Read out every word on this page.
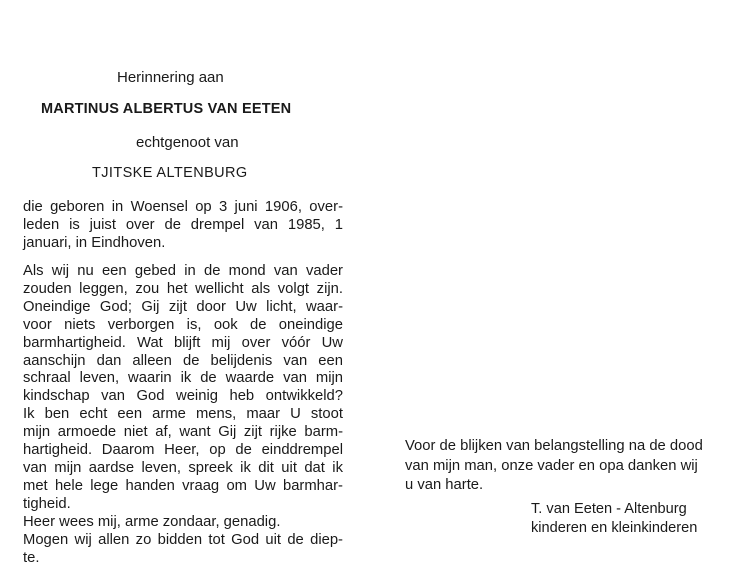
Herinnering aan
MARTINUS ALBERTUS VAN EETEN
echtgenoot van
TJITSKE ALTENBURG
die geboren in Woensel op 3 juni 1906, over-
leden is juist over de drempel van 1985, 1
januari, in Eindhoven.
Als wij nu een gebed in de mond van vader
zouden leggen, zou het wellicht als volgt zijn.
Oneindige God; Gij zijt door Uw licht, waar-
voor niets verborgen is, ook de oneindige
barmhartigheid. Wat blijft mij over vóór Uw
aanschijn dan alleen de belijdenis van een
schraal leven, waarin ik de waarde van mijn
kindschap van God weinig heb ontwikkeld?
Ik ben echt een arme mens, maar U stoot
mijn armoede niet af, want Gij zijt rijke barm-
hartigheid. Daarom Heer, op de einddrempel
van mijn aardse leven, spreek ik dit uit dat ik
met hele lege handen vraag om Uw barmhar-
tigheid.
Heer wees mij, arme zondaar, genadig.
Mogen wij allen zo bidden tot God uit de diep-
te.
Voor de blijken van belangstelling na de dood
van mijn man, onze vader en opa danken wij
u van harte.
T. van Eeten - Altenburg
kinderen en kleinkinderen
